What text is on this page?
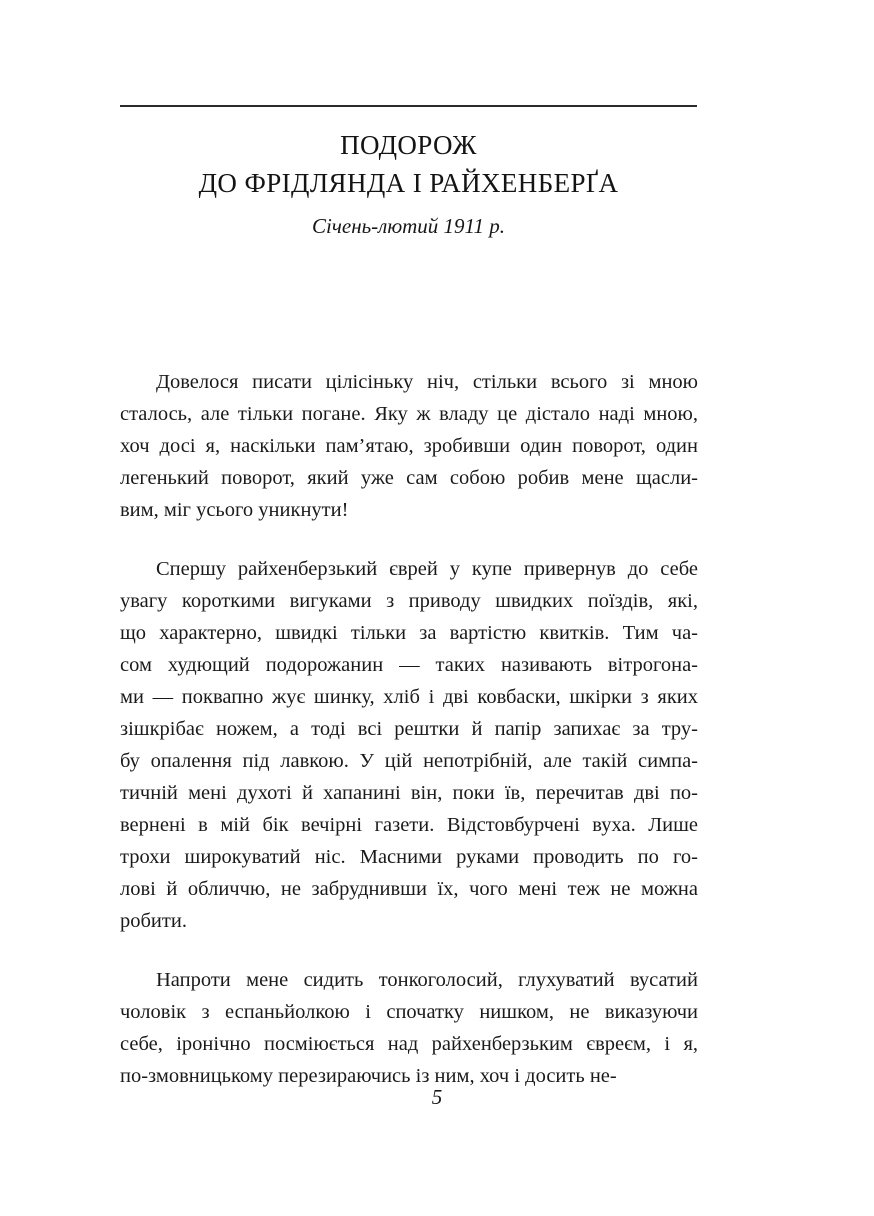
ПОДОРОЖ
ДО ФРІДЛЯНДА І РАЙХЕНБЕРҐА
Січень-лютий 1911 р.

Довелося писати цілісіньку ніч, стільки всього зі мною
сталось, але тільки погане. Яку ж владу це дістало наді мною,
хоч досі я, наскільки пам’ятаю, зробивши один поворот, один
легенький поворот, який уже сам собою робив мене щасли-
вим, міг усього уникнути!

Спершу райхенберзький єврей у купе привернув до себе
увагу короткими вигуками з приводу швидких поїздів, які,
що характерно, швидкі тільки за вартістю квитків. Тим ча-
сом худющий подорожанин — таких називають вітрогона-
ми — поквапно жує шинку, хліб і дві ковбаски, шкірки з яких
зішкрібає ножем, а тоді всі рештки й папір запихає за тру-
бу опалення під лавкою. У цій непотрібній, але такій симпа-
тичній мені духоті й хапанині він, поки їв, перечитав дві по-
вернені в мій бік вечірні газети. Відстовбурчені вуха. Лише
трохи широкуватий ніс. Масними руками проводить по го-
лові й обличчю, не забруднивши їх, чого мені теж не можна
робити.

Напроти мене сидить тонкоголосий, глухуватий вусатий
чоловік з еспаньйолкою і спочатку нишком, не виказуючи
себе, іронічно посміюється над райхенберзьким євреєм, і я,
по-змовницькому перезираючись із ним, хоч і досить не-

5
